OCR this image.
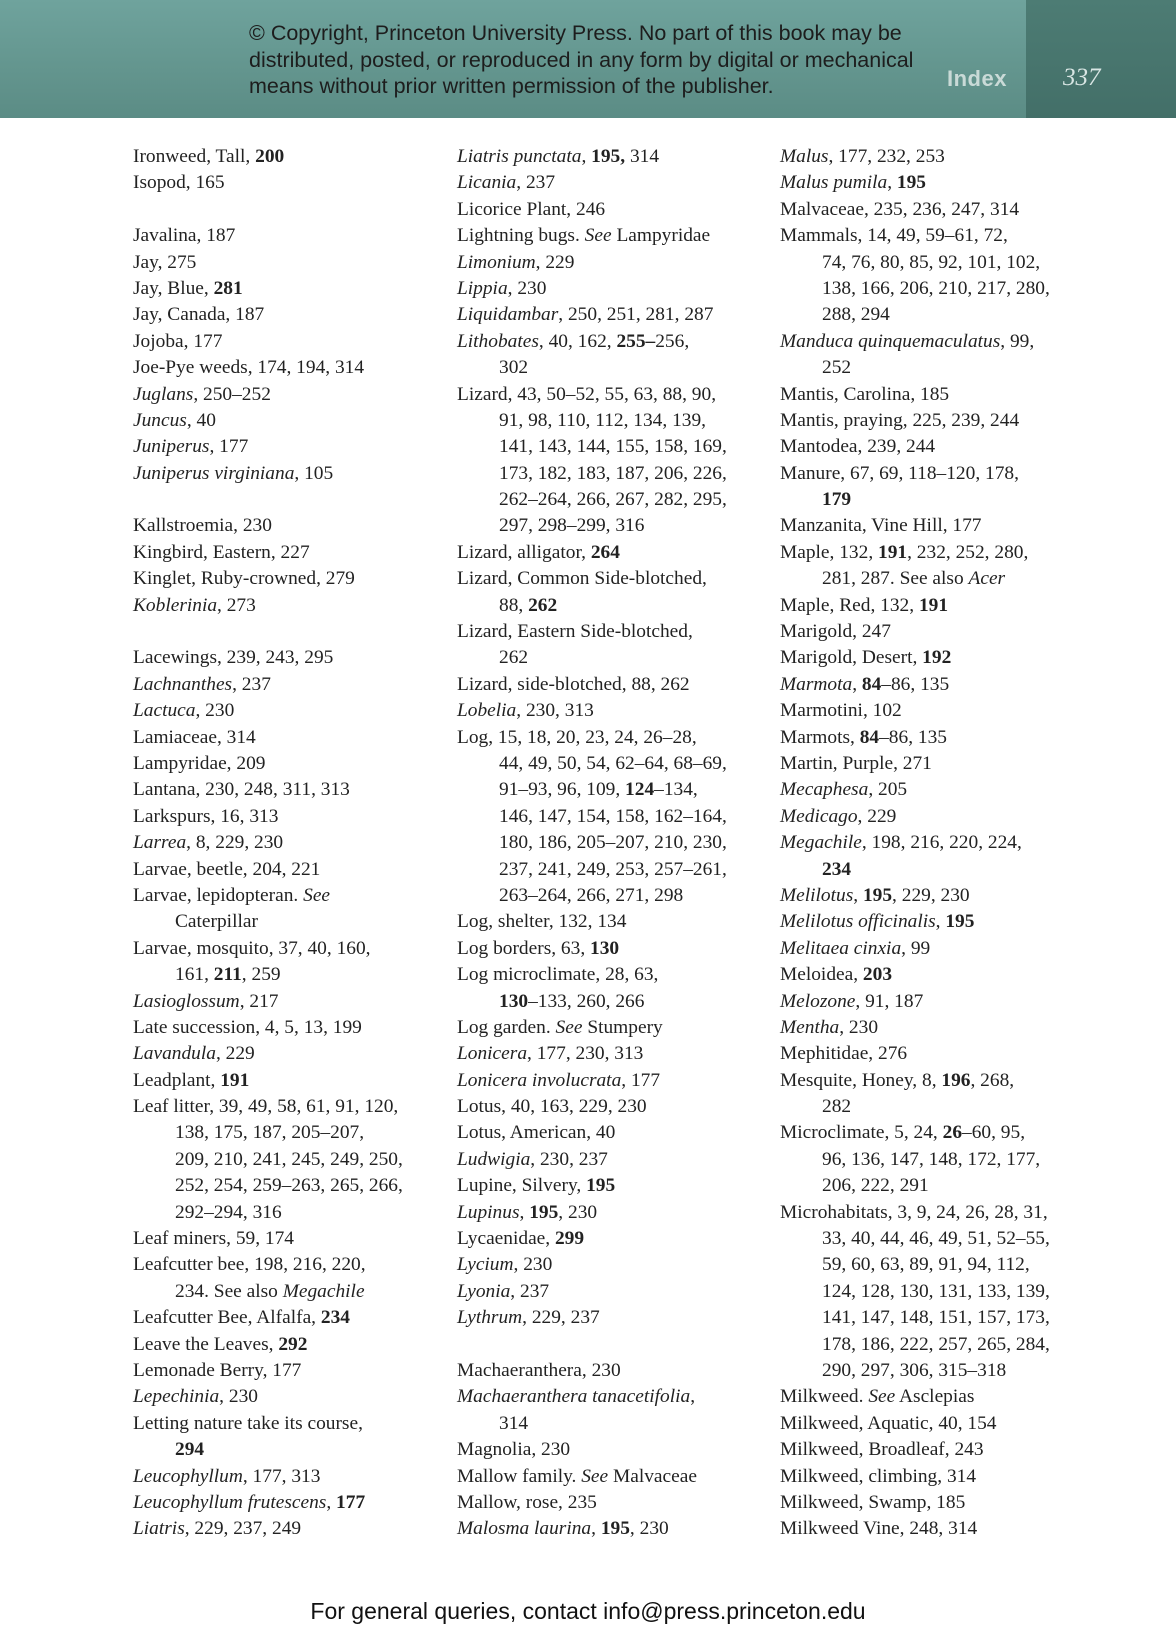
© Copyright, Princeton University Press. No part of this book may be
distributed, posted, or reproduced in any form by digital or mechanical
means without prior written permission of the publisher.	Index 337
Ironweed, Tall, 200
Isopod, 165
Javalina, 187
Jay, 275
Jay, Blue, 281
Jay, Canada, 187
Jojoba, 177
Joe-Pye weeds, 174, 194, 314
Juglans, 250–252
Juncus, 40
Juniperus, 177
Juniperus virginiana, 105
Kallstroemia, 230
Kingbird, Eastern, 227
Kinglet, Ruby-crowned, 279
Koblerinia, 273
Lacewings, 239, 243, 295
Lachnanthes, 237
Lactuca, 230
Lamiaceae, 314
Lampyridae, 209
Lantana, 230, 248, 311, 313
Larkspurs, 16, 313
Larrea, 8, 229, 230
Larvae, beetle, 204, 221
Larvae, lepidopteran. See
Caterpillar
Larvae, mosquito, 37, 40, 160,
161, 211, 259
Lasioglossum, 217
Late succession, 4, 5, 13, 199
Lavandula, 229
Leadplant, 191
Leaf litter, 39, 49, 58, 61, 91, 120,
138, 175, 187, 205–207,
209, 210, 241, 245, 249, 250,
252, 254, 259–263, 265, 266,
292–294, 316
Leaf miners, 59, 174
Leafcutter bee, 198, 216, 220,
234. See also Megachile
Leafcutter Bee, Alfalfa, 234
Leave the Leaves, 292
Lemonade Berry, 177
Lepechinia, 230
Letting nature take its course,
294
Leucophyllum, 177, 313
Leucophyllum frutescens, 177
Liatris, 229, 237, 249
Liatris punctata, 195, 314
Licania, 237
Licorice Plant, 246
Lightning bugs. See Lampyridae
Limonium, 229
Lippia, 230
Liquidambar, 250, 251, 281, 287
Lithobates, 40, 162, 255–256,
302
Lizard, 43, 50–52, 55, 63, 88, 90,
91, 98, 110, 112, 134, 139,
141, 143, 144, 155, 158, 169,
173, 182, 183, 187, 206, 226,
262–264, 266, 267, 282, 295,
297, 298–299, 316
Lizard, alligator, 264
Lizard, Common Side-blotched,
88, 262
Lizard, Eastern Side-blotched,
262
Lizard, side-blotched, 88, 262
Lobelia, 230, 313
Log, 15, 18, 20, 23, 24, 26–28,
44, 49, 50, 54, 62–64, 68–69,
91–93, 96, 109, 124–134,
146, 147, 154, 158, 162–164,
180, 186, 205–207, 210, 230,
237, 241, 249, 253, 257–261,
263–264, 266, 271, 298
Log, shelter, 132, 134
Log borders, 63, 130
Log microclimate, 28, 63,
130–133, 260, 266
Log garden. See Stumpery
Lonicera, 177, 230, 313
Lonicera involucrata, 177
Lotus, 40, 163, 229, 230
Lotus, American, 40
Ludwigia, 230, 237
Lupine, Silvery, 195
Lupinus, 195, 230
Lycaenidae, 299
Lycium, 230
Lyonia, 237
Lythrum, 229, 237
Machaeranthera, 230
Machaeranthera tanacetifolia,
314
Magnolia, 230
Mallow family. See Malvaceae
Mallow, rose, 235
Malosma laurina, 195, 230
Malus, 177, 232, 253
Malus pumila, 195
Malvaceae, 235, 236, 247, 314
Mammals, 14, 49, 59–61, 72,
74, 76, 80, 85, 92, 101, 102,
138, 166, 206, 210, 217, 280,
288, 294
Manduca quinquemaculatus, 99,
252
Mantis, Carolina, 185
Mantis, praying, 225, 239, 244
Mantodea, 239, 244
Manure, 67, 69, 118–120, 178,
179
Manzanita, Vine Hill, 177
Maple, 132, 191, 232, 252, 280,
281, 287. See also Acer
Maple, Red, 132, 191
Marigold, 247
Marigold, Desert, 192
Marmota, 84–86, 135
Marmotini, 102
Marmots, 84–86, 135
Martin, Purple, 271
Mecaphesa, 205
Medicago, 229
Megachile, 198, 216, 220, 224,
234
Melilotus, 195, 229, 230
Melilotus officinalis, 195
Melitaea cinxia, 99
Meloidea, 203
Melozone, 91, 187
Mentha, 230
Mephitidae, 276
Mesquite, Honey, 8, 196, 268,
282
Microclimate, 5, 24, 26–60, 95,
96, 136, 147, 148, 172, 177,
206, 222, 291
Microhabitats, 3, 9, 24, 26, 28, 31,
33, 40, 44, 46, 49, 51, 52–55,
59, 60, 63, 89, 91, 94, 112,
124, 128, 130, 131, 133, 139,
141, 147, 148, 151, 157, 173,
178, 186, 222, 257, 265, 284,
290, 297, 306, 315–318
Milkweed. See Asclepias
Milkweed, Aquatic, 40, 154
Milkweed, Broadleaf, 243
Milkweed, climbing, 314
Milkweed, Swamp, 185
Milkweed Vine, 248, 314
For general queries, contact info@press.princeton.edu
